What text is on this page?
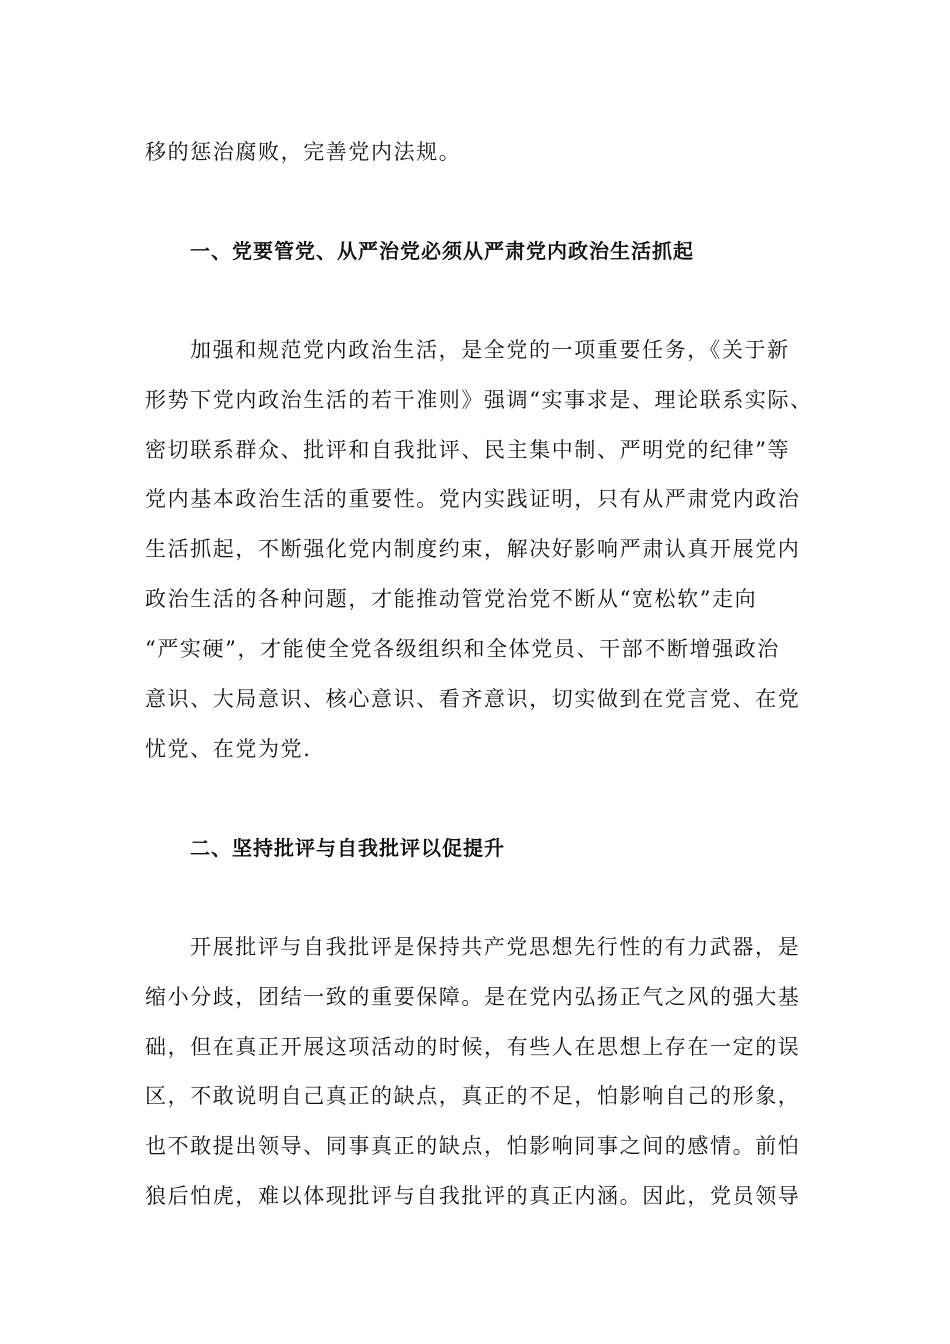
移的惩治腐败，完善党内法规。
一、党要管党、从严治党必须从严肃党内政治生活抓起
加强和规范党内政治生活，是全党的一项重要任务，《关于新
形势下党内政治生活的若干准则》强调“实事求是、理论联系实际、
密切联系群众、批评和自我批评、民主集中制、严明党的纪律”等
党内基本政治生活的重要性。党内实践证明，只有从严肃党内政治
生活抓起，不断强化党内制度约束，解决好影响严肃认真开展党内
政治生活的各种问题，才能推动管党治党不断从“宽松软”走向
“严实硬”，才能使全党各级组织和全体党员、干部不断增强政治
意识、大局意识、核心意识、看齐意识，切实做到在党言党、在党
忧党、在党为党.
二、坚持批评与自我批评以促提升
开展批评与自我批评是保持共产党思想先行性的有力武器，是
缩小分歧，团结一致的重要保障。是在党内弘扬正气之风的强大基
础，但在真正开展这项活动的时候，有些人在思想上存在一定的误
区，不敢说明自己真正的缺点，真正的不足，怕影响自己的形象，
也不敢提出领导、同事真正的缺点，怕影响同事之间的感情。前怕
狼后怕虎，难以体现批评与自我批评的真正内涵。因此，党员领导
